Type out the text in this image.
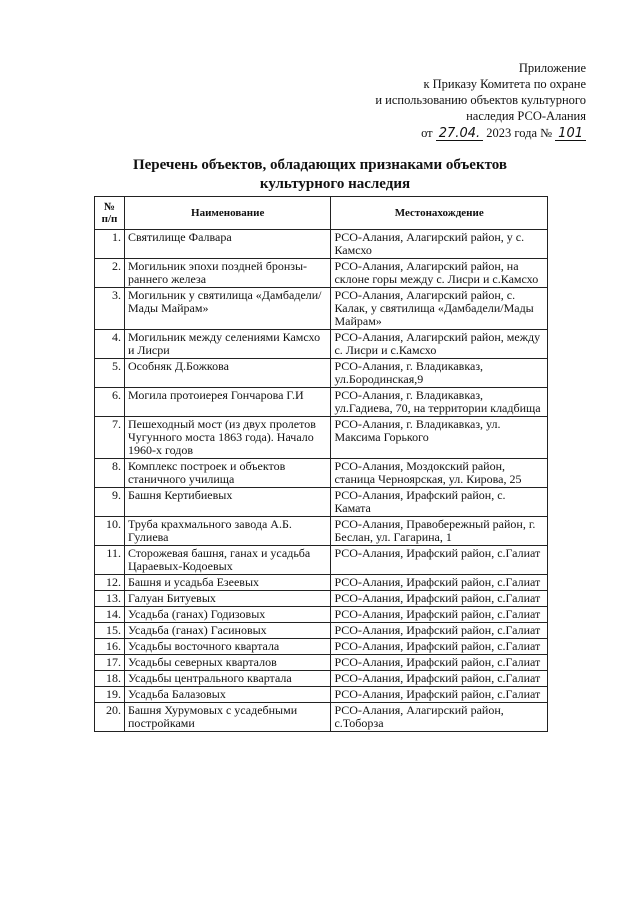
Приложение
к Приказу Комитета по охране
и использованию объектов культурного
наследия РСО-Алания
от 27.04. 2023 года № 101
Перечень объектов, обладающих признаками объектов
культурного наследия
№
п/п	Наименование	Местонахождение
1.	Святилище Фалвара	РСО-Алания, Алагирский район, у с. Камсхо
2.	Могильник эпохи поздней бронзы-раннего железа	РСО-Алания, Алагирский район, на склоне горы между с. Лисри и с.Камсхо
3.	Могильник у святилища «Дамбадели/Мады Майрам»	РСО-Алания, Алагирский район, с. Калак, у святилища «Дамбадели/Мады Майрам»
4.	Могильник между селениями Камсхо и Лисри	РСО-Алания, Алагирский район, между с. Лисри и с.Камсхо
5.	Особняк Д.Божкова	РСО-Алания, г. Владикавказ, ул.Бородинская,9
6.	Могила протоиерея Гончарова Г.И	РСО-Алания, г. Владикавказ, ул.Гадиева, 70, на территории кладбища
7.	Пешеходный мост (из двух пролетов Чугунного моста 1863 года). Начало 1960-х годов	РСО-Алания, г. Владикавказ, ул. Максима Горького
8.	Комплекс построек и объектов станичного училища	РСО-Алания, Моздокский район, станица Черноярская, ул. Кирова, 25
9.	Башня Кертибиевых	РСО-Алания, Ирафский район, с. Камата
10.	Труба крахмального завода А.Б. Гулиева	РСО-Алания, Правобережный район, г. Беслан, ул. Гагарина, 1
11.	Сторожевая башня, ганах и усадьба Цараевых-Кодоевых	РСО-Алания, Ирафский район, с.Галиат
12.	Башня и усадьба Езеевых	РСО-Алания, Ирафский район, с.Галиат
13.	Галуан Битуевых	РСО-Алания, Ирафский район, с.Галиат
14.	Усадьба (ганах) Годизовых	РСО-Алания, Ирафский район, с.Галиат
15.	Усадьба (ганах) Гасиновых	РСО-Алания, Ирафский район, с.Галиат
16.	Усадьбы восточного квартала	РСО-Алания, Ирафский район, с.Галиат
17.	Усадьбы северных кварталов	РСО-Алания, Ирафский район, с.Галиат
18.	Усадьбы центрального квартала	РСО-Алания, Ирафский район, с.Галиат
19.	Усадьба Балазовых	РСО-Алания, Ирафский район, с.Галиат
20.	Башня Хурумовых с усадебными постройками	РСО-Алания, Алагирский район, с.Тоборза
